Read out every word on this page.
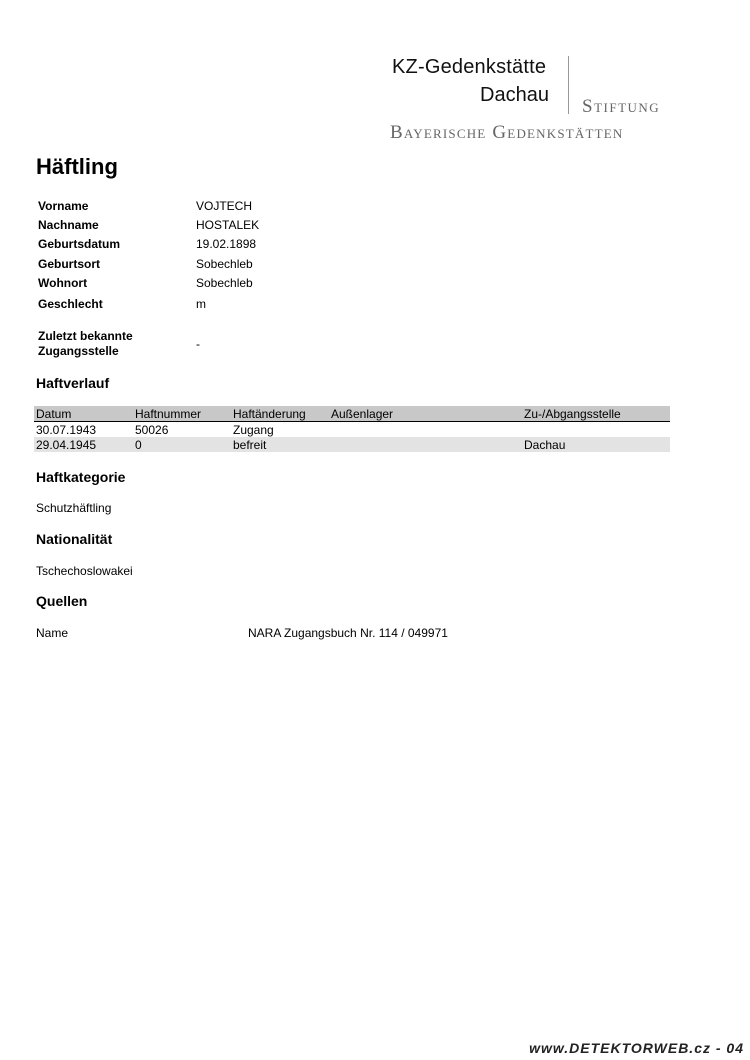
KZ-Gedenkstätte
Dachau
Stiftung
Bayerische Gedenkstätten
Häftling
Vorname	VOJTECH
Nachname	HOSTALEK
Geburtsdatum	19.02.1898
Geburtsort	Sobechleb
Wohnort	Sobechleb
Geschlecht	m
Zuletzt bekannte
Zugangsstelle	-
Haftverlauf
Datum	Haftnummer	Haftänderung	Außenlager	Zu-/Abgangsstelle
30.07.1943	50026	Zugang		
29.04.1945	0	befreit		Dachau
Haftkategorie
Schutzhäftling
Nationalität
Tschechoslowakei
Quellen
Name	NARA Zugangsbuch Nr. 114 / 049971
www.DETEKTORWEB.cz - 04
